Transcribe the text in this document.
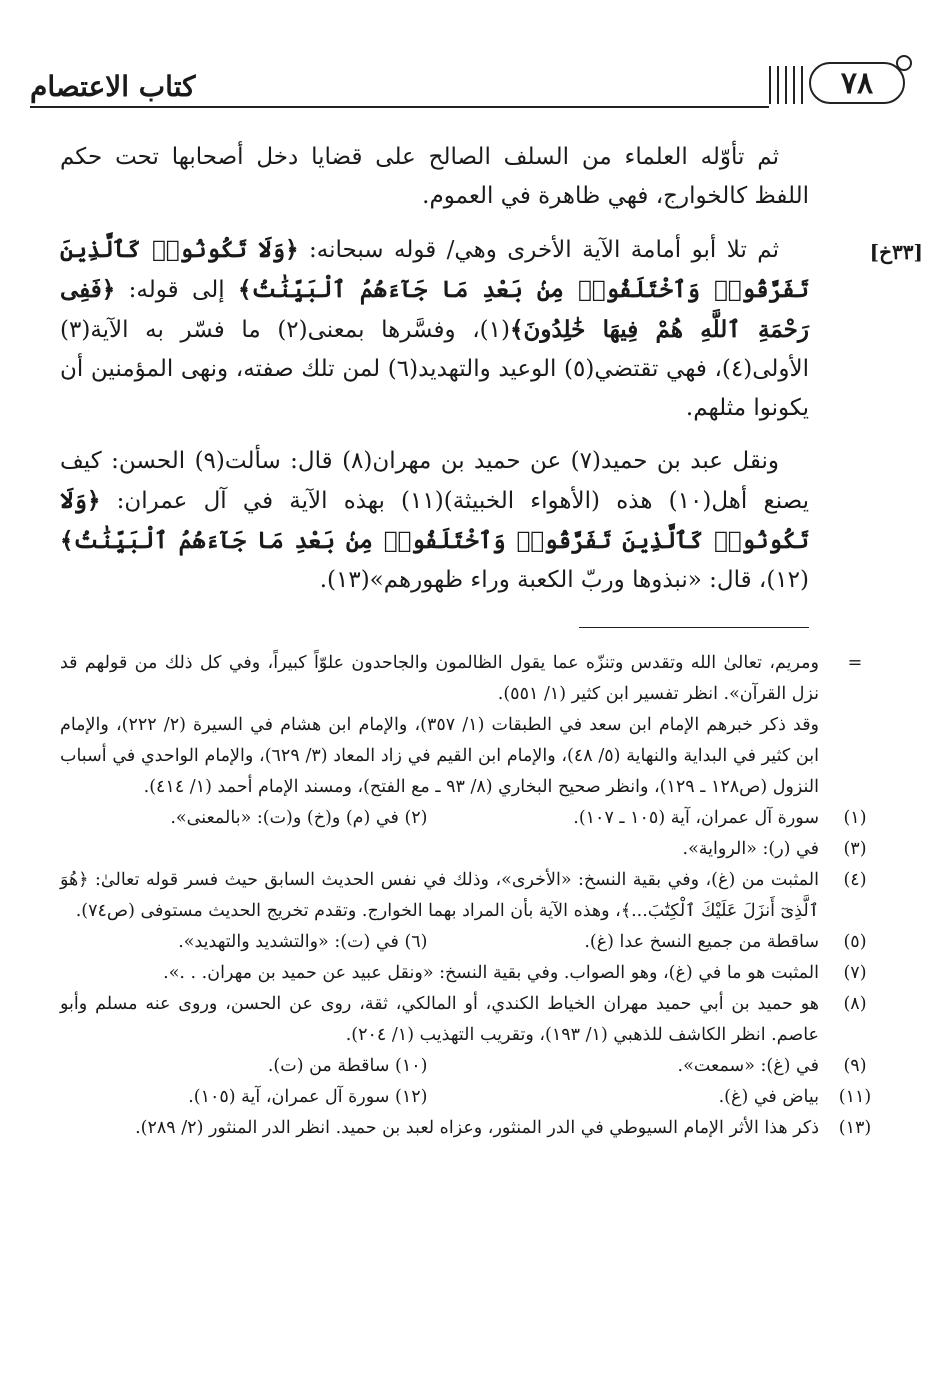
كتاب الاعتصام	٧٨
[٣٣خ]

ثم تأوّله العلماء من السلف الصالح على قضايا دخل أصحابها تحت حكم اللفظ كالخوارج، فهي ظاهرة في العموم.

ثم تلا أبو أمامة الآية الأخرى وهي/ قوله سبحانه: ﴿وَلَا تَكُونُوا۟ كَٱلَّذِينَ تَفَرَّقُوا۟ وَٱخْتَلَفُوا۟ مِنۢ بَعْدِ مَا جَآءَهُمُ ٱلْبَيِّنَٰتُ﴾ إلى قوله: ﴿فَفِى رَحْمَةِ ٱللَّهِ هُمْ فِيهَا خَٰلِدُونَ﴾(١)، وفسَّرها بمعنى(٢) ما فسّر به الآية(٣) الأولى(٤)، فهي تقتضي(٥) الوعيد والتهديد(٦) لمن تلك صفته، ونهى المؤمنين أن يكونوا مثلهم.

ونقل عبد بن حميد(٧) عن حميد بن مهران(٨) قال: سألت(٩) الحسن: كيف يصنع أهل(١٠) هذه (الأهواء الخبيثة)(١١) بهذه الآية في آل عمران: ﴿وَلَا تَكُونُوا۟ كَٱلَّذِينَ تَفَرَّقُوا۟ وَٱخْتَلَفُوا۟ مِنۢ بَعْدِ مَا جَآءَهُمُ ٱلْبَيِّنَٰتُ﴾(١٢)، قال: «نبذوها وربّ الكعبة وراء ظهورهم»(١٣).

=

ومريم، تعالىٰ الله وتقدس وتنزّه عما يقول الظالمون والجاحدون علوّاً كبيراً، وفي كل ذلك من قولهم قد نزل القرآن». انظر تفسير ابن كثير (١/ ٥٥١).

وقد ذكر خبرهم الإمام ابن سعد في الطبقات (١/ ٣٥٧)، والإمام ابن هشام في السيرة (٢/ ٢٢٢)، والإمام ابن كثير في البداية والنهاية (٥/ ٤٨)، والإمام ابن القيم في زاد المعاد (٣/ ٦٢٩)، والإمام الواحدي في أسباب النزول (ص١٢٨ ـ ١٢٩)، وانظر صحيح البخاري (٨/ ٩٣ ـ مع الفتح)، ومسند الإمام أحمد (١/ ٤١٤).

(١)
سورة آل عمران، آية (١٠٥ ـ ١٠٧).
(٢) في (م) و(خ) و(ت): «بالمعنى».
(٣)
في (ر): «الرواية».
(٤)
المثبت من (غ)، وفي بقية النسخ: «الأخرى»، وذلك في نفس الحديث السابق حيث فسر قوله تعالىٰ: ﴿هُوَ ٱلَّذِىٓ أَنزَلَ عَلَيْكَ ٱلْكِتَٰبَ...﴾، وهذه الآية بأن المراد بهما الخوارج. وتقدم تخريج الحديث مستوفى (ص٧٤).
(٥)
ساقطة من جميع النسخ عدا (غ).
(٦) في (ت): «والتشديد والتهديد».
(٧)
المثبت هو ما في (غ)، وهو الصواب. وفي بقية النسخ: «ونقل عبيد عن حميد بن مهران. . .».
(٨)
هو حميد بن أبي حميد مهران الخياط الكندي، أو المالكي، ثقة، روى عن الحسن، وروى عنه مسلم وأبو عاصم. انظر الكاشف للذهبي (١/ ١٩٣)، وتقريب التهذيب (١/ ٢٠٤).
(٩)
في (غ): «سمعت».
(١٠) ساقطة من (ت).
(١١)
بياض في (غ).
(١٢) سورة آل عمران، آية (١٠٥).
(١٣)
ذكر هذا الأثر الإمام السيوطي في الدر المنثور، وعزاه لعبد بن حميد. انظر الدر المنثور (٢/ ٢٨٩).
